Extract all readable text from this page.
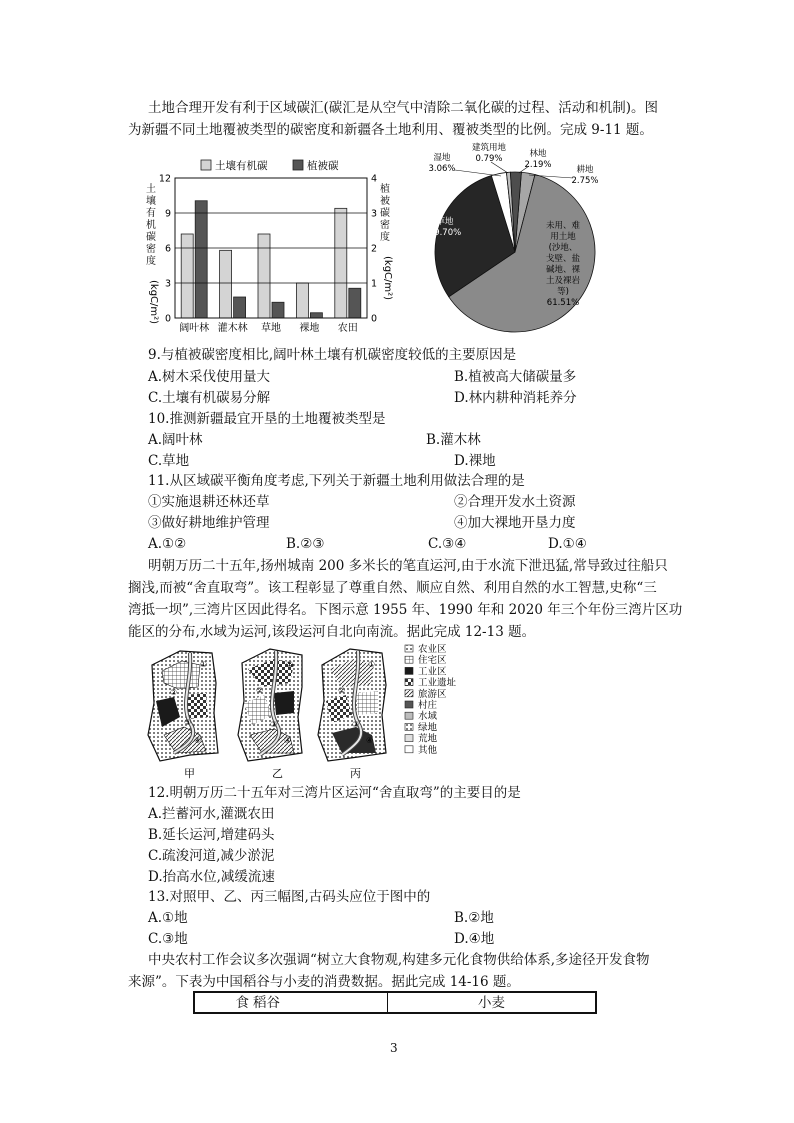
土地合理开发有利于区域碳汇(碳汇是从空气中清除二氧化碳的过程、活动和机制)。图
为新疆不同土地覆被类型的碳密度和新疆各土地利用、覆被类型的比例。完成 9-11 题。
土壤有机碳	植被碳
土
壤
有
机
碳
密
度
(kgC/m²)
植
被
碳
密
度
(kgC/m²)
0
3
6
9
12
0
1
2
3
4
阔叶林 灌木林 草地 裸地 农田
未用、难
用土地
(沙地、
戈壁、盐
碱地、裸
土及裸岩
等)
61.51%
草地
29.70%
湿地
3.06%
建筑用地
0.79%	林地
2.19%	耕地
2.75%
9.与植被碳密度相比,阔叶林土壤有机碳密度较低的主要原因是
A.树木采伐使用量大	B.植被高大储碳量多
C.土壤有机碳易分解	D.林内耕种消耗养分
10.推测新疆最宜开垦的土地覆被类型是
A.阔叶林	B.灌木林
C.草地	D.裸地
11.从区域碳平衡角度考虑,下列关于新疆土地利用做法合理的是
①实施退耕还林还草	②合理开发水土资源
③做好耕地维护管理	④加大裸地开垦力度
A.①②	B.②③	C.③④	D.①④
明朝万历二十五年,扬州城南 200 多米长的笔直运河,由于水流下泄迅猛,常导致过往船只
搁浅,而被“舍直取弯”。该工程彰显了尊重自然、顺应自然、利用自然的水工智慧,史称“三
湾抵一坝”,三湾片区因此得名。下图示意 1955 年、1990 年和 2020 年三个年份三湾片区功
能区的分布,水域为运河,该段运河自北向南流。据此完成 12-13 题。
①
②
③
④
甲
①
②
③
④
乙
①
②
③
④
丙
农业区
住宅区
工业区
工业遗址
旅游区
村庄
水域
绿地
荒地
其他
12.明朝万历二十五年对三湾片区运河“舍直取弯”的主要目的是
A.拦蓄河水,灌溉农田
B.延长运河,增建码头
C.疏浚河道,减少淤泥
D.抬高水位,减缓流速
13.对照甲、乙、丙三幅图,古码头应位于图中的
A.①地	B.②地
C.③地	D.④地
中央农村工作会议多次强调“树立大食物观,构建多元化食物供给体系,多途径开发食物
来源”。下表为中国稻谷与小麦的消费数据。据此完成 14-16 题。
食 稻谷	小麦
3
